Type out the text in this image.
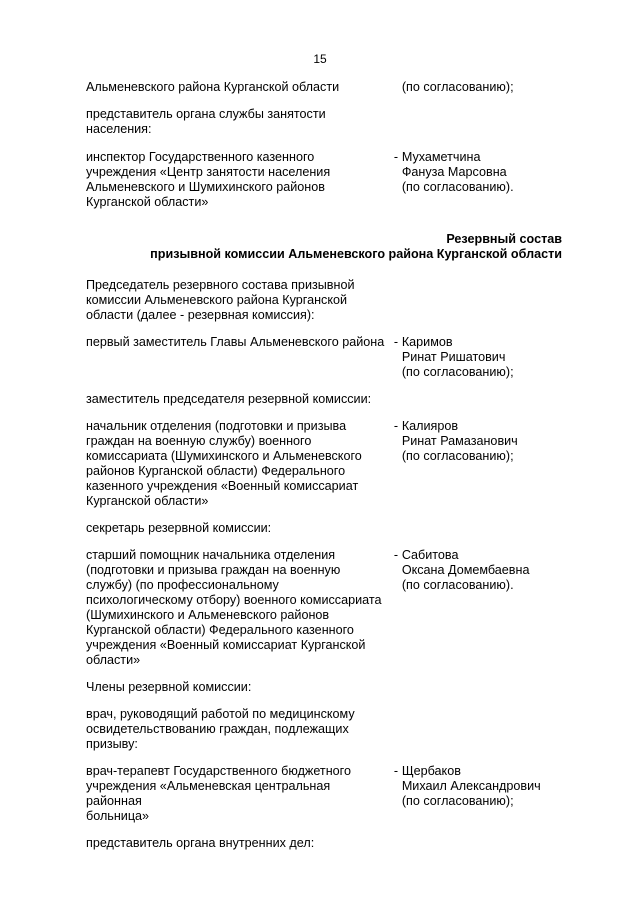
15
Альменевского района Курганской области	(по согласованию);
представитель органа службы занятости
населения:
инспектор Государственного казенного
учреждения «Центр занятости населения
Альменевского и Шумихинского районов
Курганской области»
- Мухаметчина
Фануза Марсовна
(по согласованию).
Резервный состав
призывной комиссии Альменевского района Курганской области
Председатель резервного состава призывной
комиссии Альменевского района Курганской
области (далее - резервная комиссия):
первый заместитель Главы Альменевского района - Каримов
Ринат Ришатович
(по согласованию);
заместитель председателя резервной комиссии:
начальник отделения (подготовки и призыва
граждан на военную службу) военного
комиссариата (Шумихинского и Альменевского
районов Курганской области) Федерального
казенного учреждения «Военный комиссариат
Курганской области»
- Калияров
Ринат Рамазанович
(по согласованию);
секретарь резервной комиссии:
старший помощник начальника отделения
(подготовки и призыва граждан на военную
службу) (по профессиональному
психологическому отбору) военного комиссариата
(Шумихинского и Альменевского районов
Курганской области) Федерального казенного
учреждения «Военный комиссариат Курганской
области»
- Сабитова
Оксана Домембаевна
(по согласованию).
Члены резервной комиссии:
врач, руководящий работой по медицинскому
освидетельствованию граждан, подлежащих
призыву:
врач-терапевт Государственного бюджетного
учреждения «Альменевская центральная районная
больница»
- Щербаков
Михаил Александрович
(по согласованию);
представитель органа внутренних дел:
